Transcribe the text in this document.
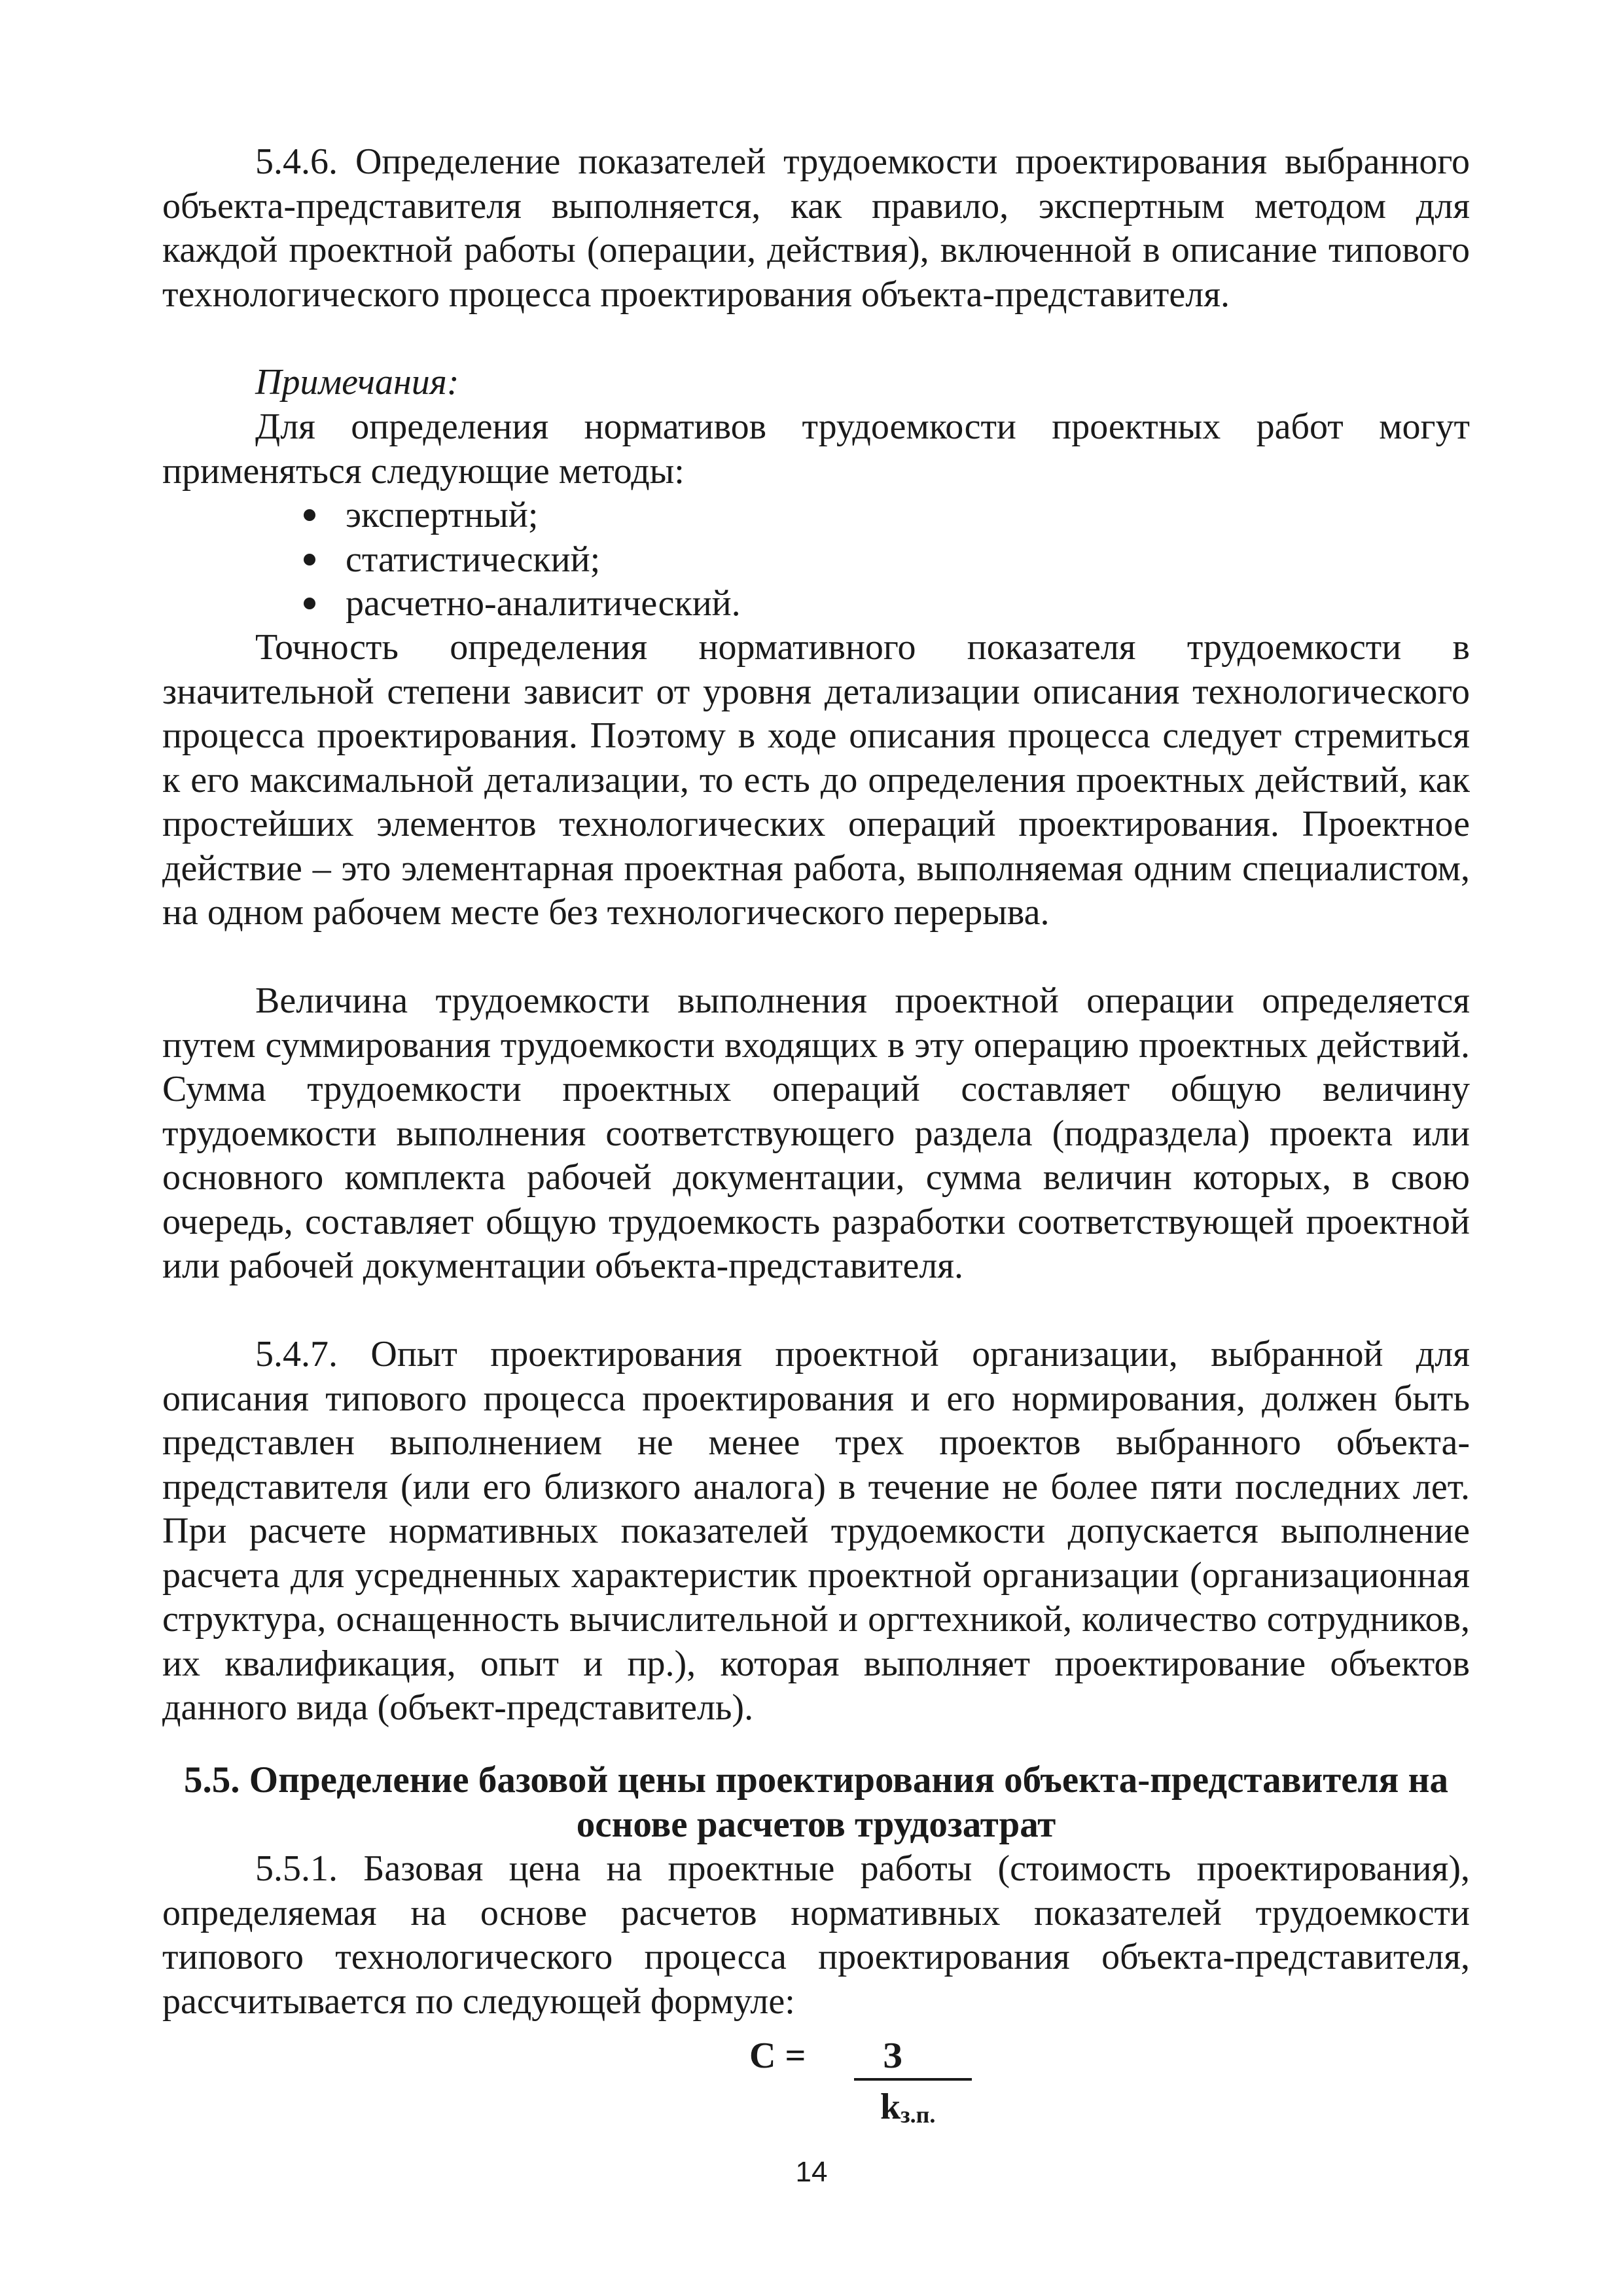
5.4.6. Определение показателей трудоемкости проектирования выбранного объекта-представителя выполняется, как правило, экспертным методом для каждой проектной работы (операции, действия), включенной в описание типового технологического процесса проектирования объекта-представителя.

Примечания:

Для определения нормативов трудоемкости проектных работ могут применяться следующие методы:

экспертный;
статистический;
расчетно-аналитический.

Точность определения нормативного показателя трудоемкости в значительной степени зависит от уровня детализации описания технологического процесса проектирования. Поэтому в ходе описания процесса следует стремиться к его максимальной детализации, то есть до определения проектных действий, как простейших элементов технологических операций проектирования. Проектное действие – это элементарная проектная работа, выполняемая одним специалистом, на одном рабочем месте без технологического перерыва.

Величина трудоемкости выполнения проектной операции определяется путем суммирования трудоемкости входящих в эту операцию проектных действий. Сумма трудоемкости проектных операций составляет общую величину трудоемкости выполнения соответствующего раздела (подраздела) проекта или основного комплекта рабочей документации, сумма величин которых, в свою очередь, составляет общую трудоемкость разработки соответствующей проектной или рабочей документации объекта-представителя.

5.4.7. Опыт проектирования проектной организации, выбранной для описания типового процесса проектирования и его нормирования, должен быть представлен выполнением не менее трех проектов выбранного объекта-представителя (или его близкого аналога) в течение не более пяти последних лет. При расчете нормативных показателей трудоемкости допускается выполнение расчета для усредненных характеристик проектной организации (организационная структура, оснащенность вычислительной и оргтехникой, количество сотрудников, их квалификация, опыт и пр.), которая выполняет проектирование объектов данного вида (объект-представитель).

5.5. Определение базовой цены проектирования объекта-представителя на основе расчетов трудозатрат

5.5.1. Базовая цена на проектные работы (стоимость проектирования), определяемая на основе расчетов нормативных показателей трудоемкости типового технологического процесса проектирования объекта-представителя, рассчитывается по следующей формуле:

С =	З
$k_{з.п.}$
14
